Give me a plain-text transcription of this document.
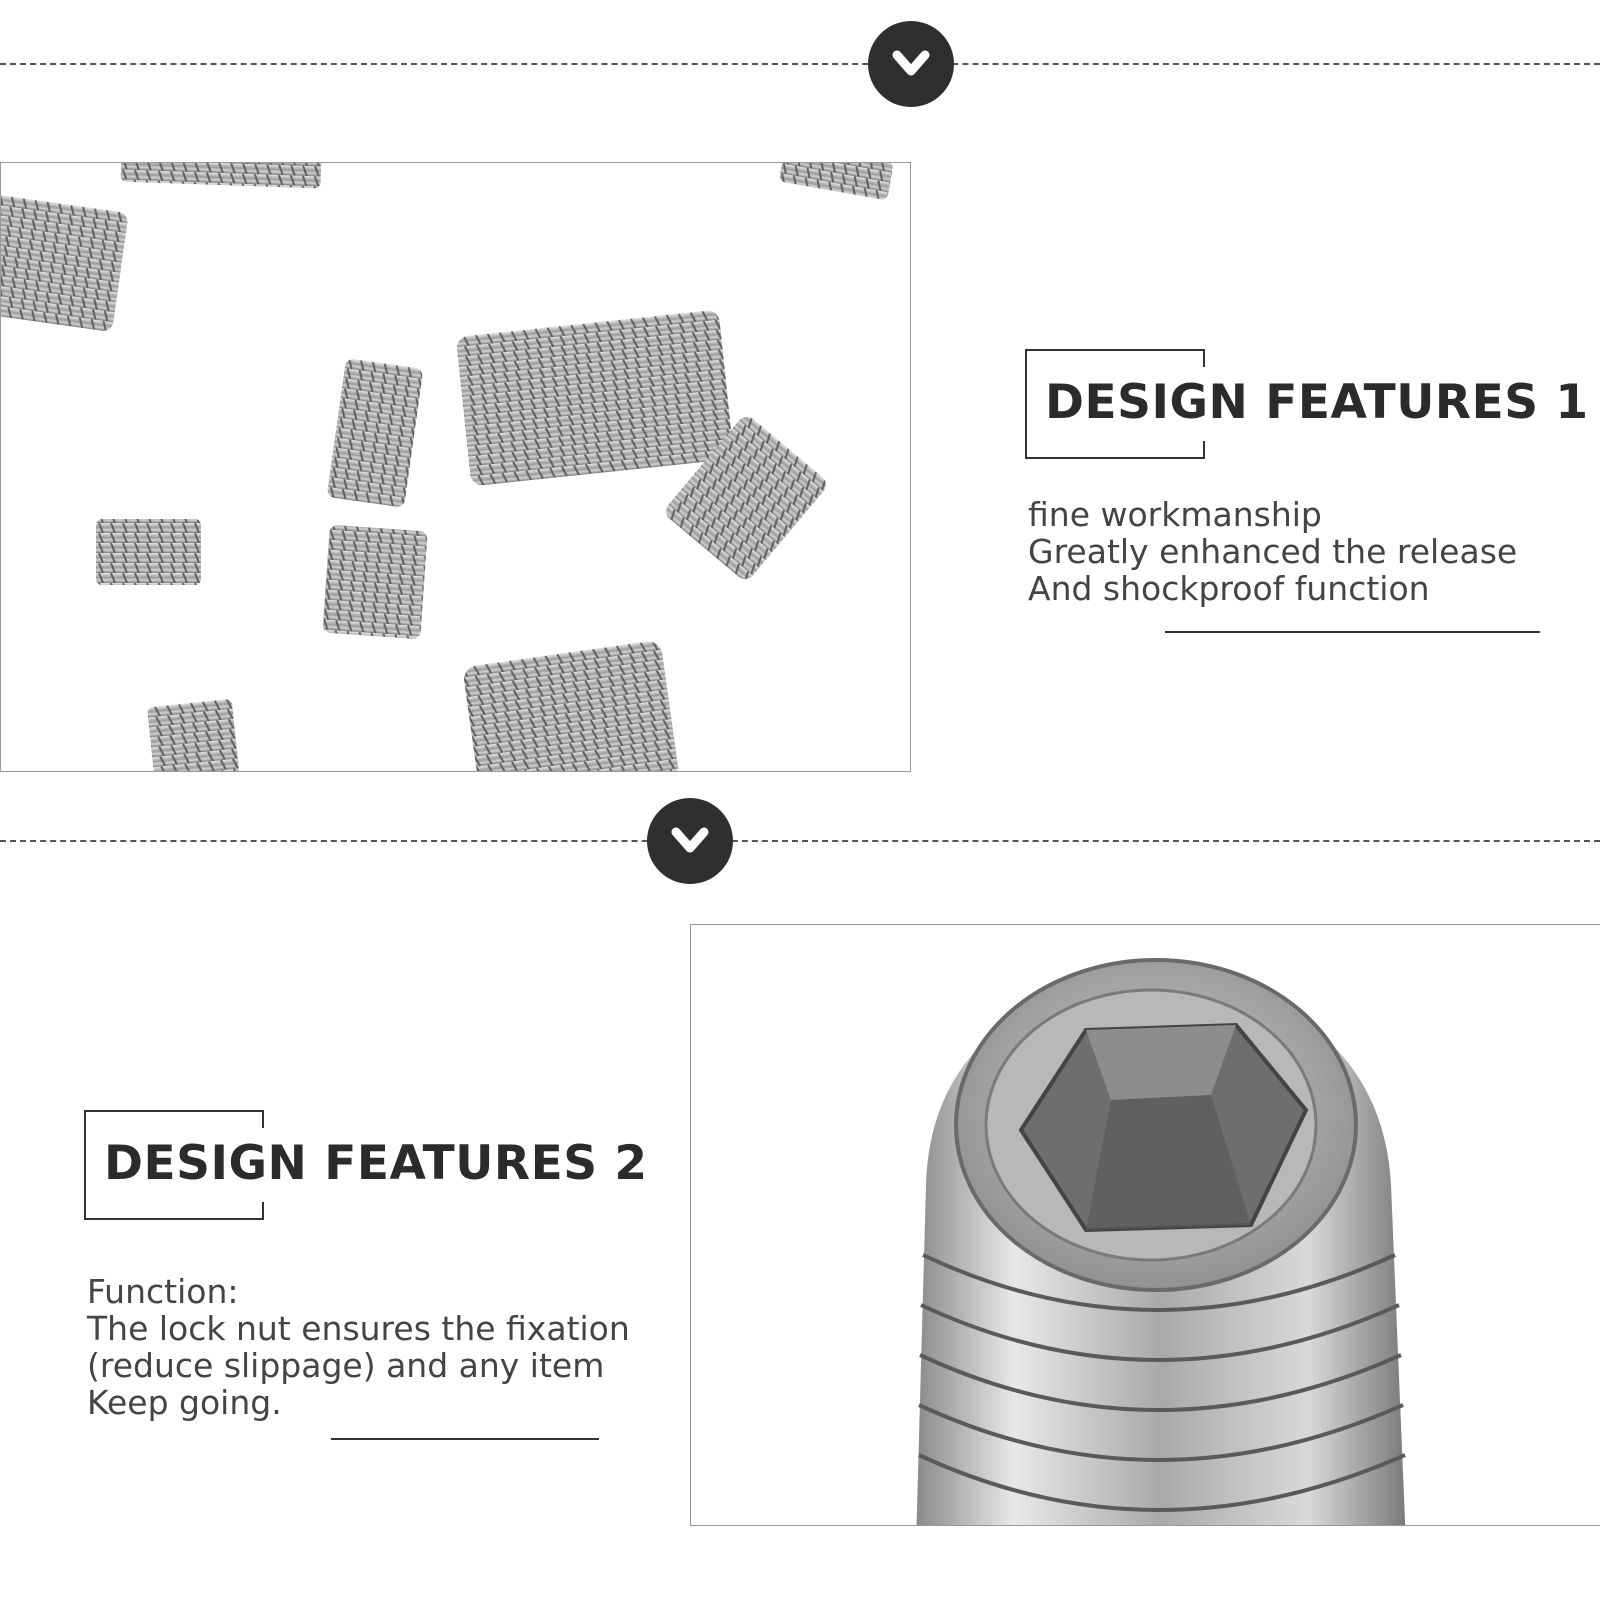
DESIGN FEATURES 1
fine workmanship
Greatly enhanced the release
And shockproof function
DESIGN FEATURES 2
Function:
The lock nut ensures the fixation
(reduce slippage) and any item
Keep going.
